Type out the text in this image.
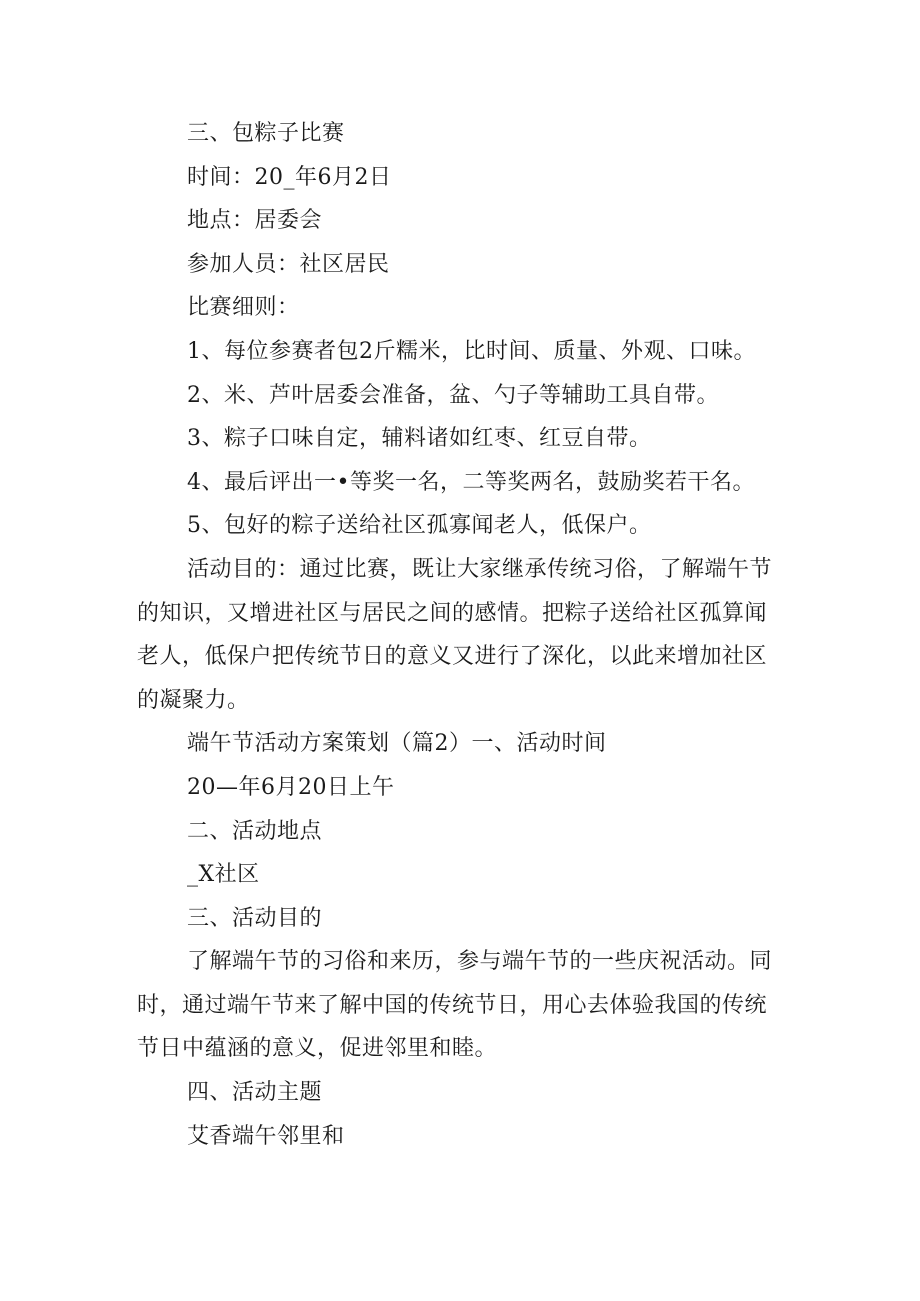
三、包粽子比赛
时间：20_年6月2日
地点：居委会
参加人员：社区居民
比赛细则：
1、每位参赛者包2斤糯米，比时间、质量、外观、口味。
2、米、芦叶居委会准备，盆、勺子等辅助工具自带。
3、粽子口味自定，辅料诸如红枣、红豆自带。
4、最后评出一•等奖一名，二等奖两名，鼓励奖若干名。
5、包好的粽子送给社区孤寡闻老人，低保户。
活动目的：通过比赛，既让大家继承传统习俗，了解端午节
的知识，又增进社区与居民之间的感情。把粽子送给社区孤算闻
老人，低保户把传统节日的意义又进行了深化，以此来增加社区
的凝聚力。
端午节活动方案策划（篇2）一、活动时间
20—年6月20日上午
二、活动地点
_X社区
三、活动目的
了解端午节的习俗和来历，参与端午节的一些庆祝活动。同
时，通过端午节来了解中国的传统节日，用心去体验我国的传统
节日中蕴涵的意义，促进邻里和睦。
四、活动主题
艾香端午邻里和
